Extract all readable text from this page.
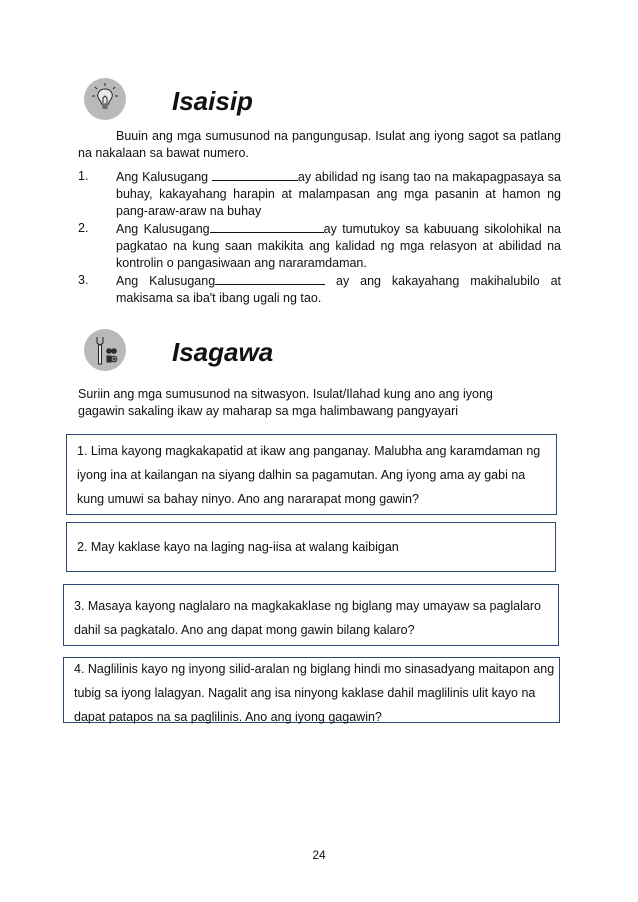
Isaisip
Buuin ang mga sumusunod na pangungusap. Isulat ang iyong sagot sa patlang na nakalaan sa bawat numero.
1. Ang Kalusugang	ay abilidad ng isang tao na makapagpasaya sa buhay, kakayahang harapin at malampasan ang mga pasanin at hamon ng pang-araw-araw na buhay
2. Ang Kalusugang	ay tumutukoy sa kabuuang sikolohikal na pagkatao na kung saan makikita ang kalidad ng mga relasyon at abilidad na kontrolin o pangasiwaan ang nararamdaman.
3. Ang Kalusugang	ay ang kakayahang makihalubilo at makisama sa iba't ibang ugali ng tao.
Isagawa
Suriin ang mga sumusunod na sitwasyon. Isulat/Ilahad kung ano ang iyong gagawin sakaling ikaw ay maharap sa mga halimbawang pangyayari
1. Lima kayong magkakapatid at ikaw ang panganay. Malubha ang karamdaman ng iyong ina at kailangan na siyang dalhin sa pagamutan. Ang iyong ama ay gabi na kung umuwi sa bahay ninyo. Ano ang nararapat mong gawin?
2. May kaklase kayo na laging nag-iisa at walang kaibigan
3. Masaya kayong naglalaro na magkakaklase ng biglang may umayaw sa paglalaro dahil sa pagkatalo. Ano ang dapat mong gawin bilang kalaro?
4. Naglilinis kayo ng inyong silid-aralan ng biglang hindi mo sinasadyang maitapon ang tubig sa iyong lalagyan. Nagalit ang isa ninyong kaklase dahil maglilinis ulit kayo na dapat patapos na sa paglilinis. Ano ang iyong gagawin?
24
